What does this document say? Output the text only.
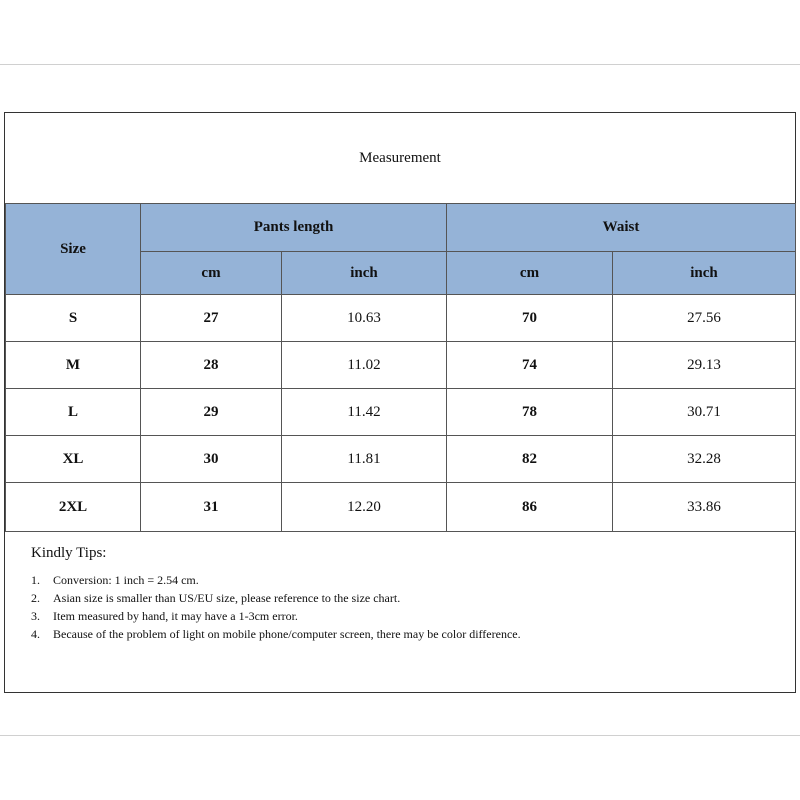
Measurement
Size	Pants length		Waist	
	cm	inch	cm	inch
S	27	10.63	70	27.56
M	28	11.02	74	29.13
L	29	11.42	78	30.71
XL	30	11.81	82	32.28
2XL	31	12.20	86	33.86
Kindly Tips:
1.	Conversion: 1 inch = 2.54 cm.
2.	Asian size is smaller than US/EU size, please reference to the size chart.
3.	Item measured by hand, it may have a 1-3cm error.
4.	Because of the problem of light on mobile phone/computer screen, there may be color difference.
